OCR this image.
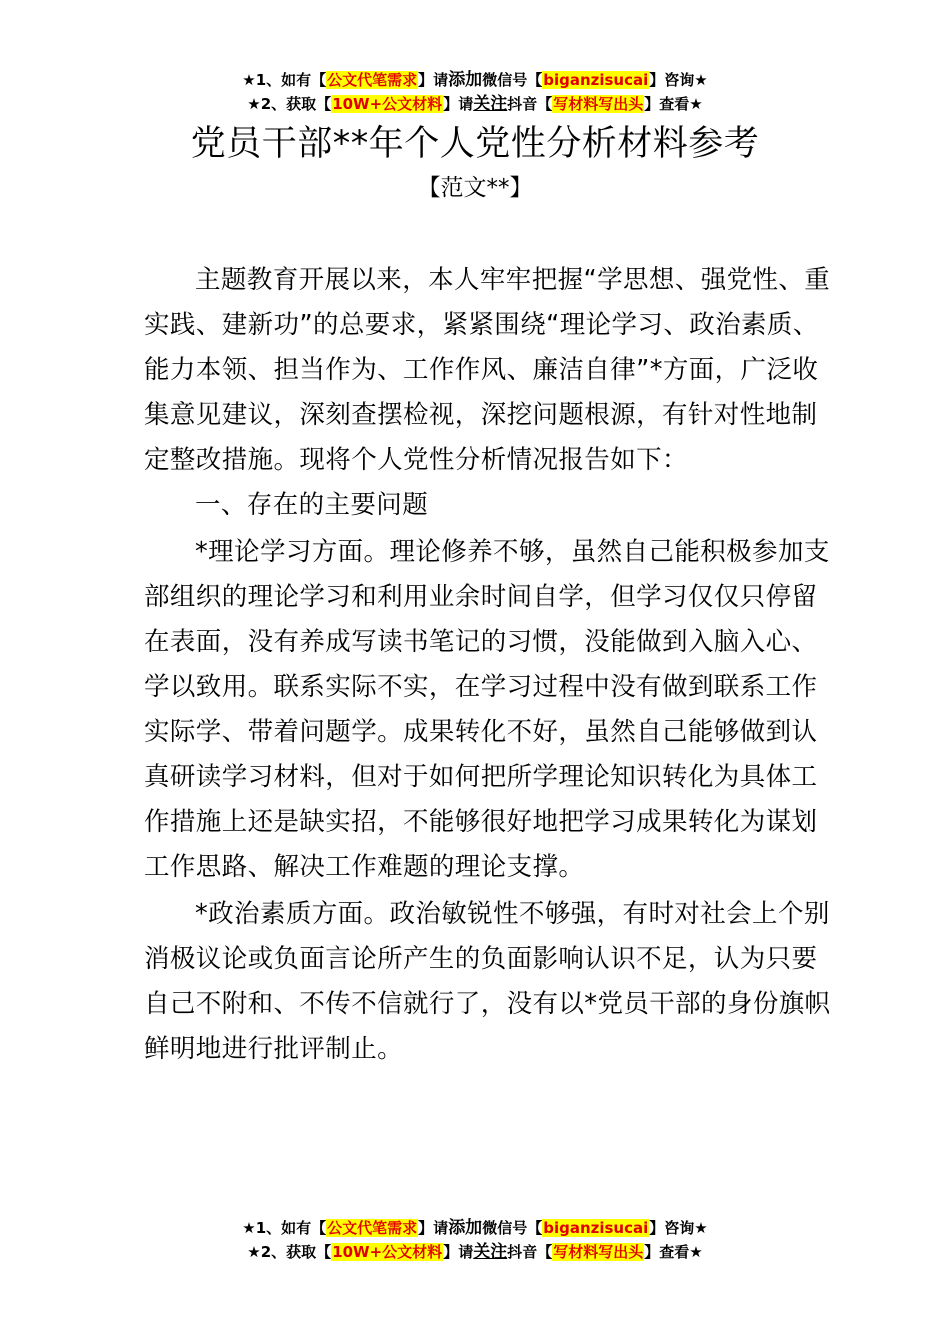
★1、如有【公文代笔需求】请添加微信号【biganzisucai】咨询★
★2、获取【10W+公文材料】请关注抖音【写材料写出头】查看★
党员干部**年个人党性分析材料参考
【范文**】

主题教育开展以来，本人牢牢把握“学思想、强党性、重实践、建新功”的总要求，紧紧围绕“理论学习、政治素质、能力本领、担当作为、工作作风、廉洁自律”*方面，广泛收集意见建议，深刻查摆检视，深挖问题根源，有针对性地制定整改措施。现将个人党性分析情况报告如下：

一、存在的主要问题

*理论学习方面。理论修养不够，虽然自己能积极参加支部组织的理论学习和利用业余时间自学，但学习仅仅只停留在表面，没有养成写读书笔记的习惯，没能做到入脑入心、学以致用。联系实际不实，在学习过程中没有做到联系工作实际学、带着问题学。成果转化不好，虽然自己能够做到认真研读学习材料，但对于如何把所学理论知识转化为具体工作措施上还是缺实招，不能够很好地把学习成果转化为谋划工作思路、解决工作难题的理论支撑。

*政治素质方面。政治敏锐性不够强，有时对社会上个别消极议论或负面言论所产生的负面影响认识不足，认为只要自己不附和、不传不信就行了，没有以*党员干部的身份旗帜鲜明地进行批评制止。

★1、如有【公文代笔需求】请添加微信号【biganzisucai】咨询★
★2、获取【10W+公文材料】请关注抖音【写材料写出头】查看★
